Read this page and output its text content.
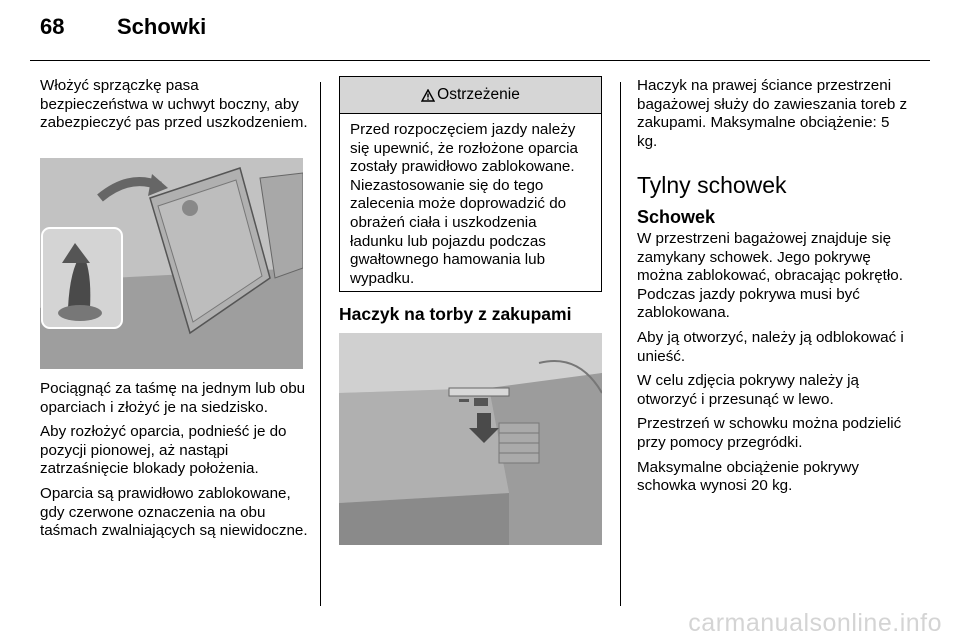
68 Schowki
Włożyć sprzączkę pasa bezpieczeństwa w uchwyt boczny, aby zabezpieczyć pas przed uszkodzeniem.

Pociągnąć za taśmę na jednym lub obu oparciach i złożyć je na siedzisko.

Aby rozłożyć oparcia, podnieść je do pozycji pionowej, aż nastąpi zatrzaśnięcie blokady położenia.

Oparcia są prawidłowo zablokowane, gdy czerwone oznaczenia na obu taśmach zwalniających są niewidoczne.

Ostrzeżenie
Przed rozpoczęciem jazdy należy się upewnić, że rozłożone oparcia zostały prawidłowo zablokowane. Niezastosowanie się do tego zalecenia może doprowadzić do obrażeń ciała i uszkodzenia ładunku lub pojazdu podczas gwałtownego hamowania lub wypadku.
Haczyk na torby z zakupami
Haczyk na prawej ściance przestrzeni bagażowej służy do zawieszania toreb z zakupami. Maksymalne obciążenie: 5 kg.
Tylny schowek
Schowek

W przestrzeni bagażowej znajduje się zamykany schowek. Jego pokrywę można zablokować, obracając pokrętło. Podczas jazdy pokrywa musi być zablokowana.

Aby ją otworzyć, należy ją odblokować i unieść.

W celu zdjęcia pokrywy należy ją otworzyć i przesunąć w lewo.

Przestrzeń w schowku można podzielić przy pomocy przegródki.

Maksymalne obciążenie pokrywy schowka wynosi 20 kg.

carmanualsonline.info
